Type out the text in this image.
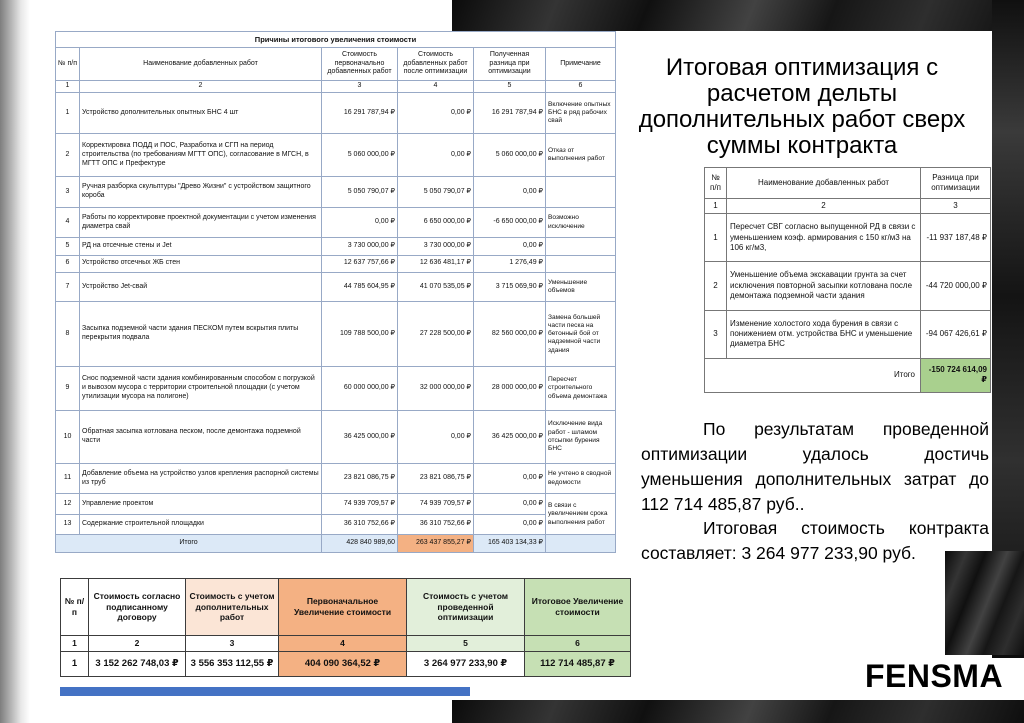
Итоговая оптимизация с
расчетом дельты
дополнительных работ сверх
суммы контракта
Причины итогового увеличения стоимости					
№ п/п	Наименование добавленных работ	Стоимость первоначально добавленных работ	Стоимость добавленных работ после оптимизации	Полученная разница при оптимизации	Примечание
1	2	3	4	5	6
1	Устройство дополнительных опытных БНС 4 шт	16 291 787,94 ₽	0,00 ₽	16 291 787,94 ₽	Включение опытных БНС в ряд рабочих свай
2	Корректировка ПОДД и ПОС, Разработка и СГП на период строительства (по требованиям МГТТ ОПС), согласование в МГСН, в МГТТ ОПС и Префектуре	5 060 000,00 ₽	0,00 ₽	5 060 000,00 ₽	Отказ от выполнения работ
3	Ручная разборка скульптуры "Древо Жизни" с устройством защитного короба	5 050 790,07 ₽	5 050 790,07 ₽	0,00 ₽	
4	Работы по корректировке проектной документации с учетом изменения диаметра свай	0,00 ₽	6 650 000,00 ₽	-6 650 000,00 ₽	Возможно исключение
5	РД на отсечные стены и Jet	3 730 000,00 ₽	3 730 000,00 ₽	0,00 ₽	
6	Устройство отсечных ЖБ стен	12 637 757,66 ₽	12 636 481,17 ₽	1 276,49 ₽	
7	Устройство Jet-свай	44 785 604,95 ₽	41 070 535,05 ₽	3 715 069,90 ₽	Уменьшение объемов
8	Засыпка подземной части здания ПЕСКОМ путем вскрытия плиты перекрытия подвала	109 788 500,00 ₽	27 228 500,00 ₽	82 560 000,00 ₽	Замена большей части песка на бетонный бой от надземной части здания
9	Снос подземной части здания комбинированным способом с погрузкой и вывозом мусора с территории строительной площадки (с учетом утилизации мусора на полигоне)	60 000 000,00 ₽	32 000 000,00 ₽	28 000 000,00 ₽	Пересчет строительного объема демонтажа
10	Обратная засыпка котлована песком, после демонтажа подземной части	36 425 000,00 ₽	0,00 ₽	36 425 000,00 ₽	Исключение вида работ - шламом отсыпки бурения БНС
11	Добавление объема на устройство узлов крепления распорной системы из труб	23 821 086,75 ₽	23 821 086,75 ₽	0,00 ₽	Не учтено в сводной ведомости
12	Управление проектом	74 939 709,57 ₽	74 939 709,57 ₽	0,00 ₽	В связи с увеличением срока выполнения работ
13	Содержание строительной площадки	36 310 752,66 ₽	36 310 752,66 ₽	0,00 ₽	
Итого		428 840 989,60	263 437 855,27 ₽	165 403 134,33 ₽	
№ п/п	Наименование добавленных работ	Разница при оптимизации
1	2	3
1	Пересчет СВГ согласно выпущенной РД в связи с уменьшением коэф. армирования с 150 кг/м3 на 106 кг/м3,	-11 937 187,48 ₽
2	Уменьшение объема экскавации грунта за счет исключения повторной засыпки котлована после демонтажа подземной части здания	-44 720 000,00 ₽
3	Изменение холостого хода бурения в связи с понижением отм. устройства БНС и уменьшение диаметра БНС	-94 067 426,61 ₽
Итого		-150 724 614,09 ₽

По результатам проведенной оптимизации удалось достичь уменьшения дополнительных затрат до 112 714 485,87 руб..

Итоговая стоимость контракта составляет: 3 264 977 233,90 руб.

№ п/п	Стоимость согласно подписанному договору	Стоимость с учетом дополнительных работ	Первоначальное Увеличение стоимости	Стоимость с учетом проведенной оптимизации	Итоговое Увеличение стоимости
1	2	3	4	5	6
1	3 152 262 748,03 ₽	3 556 353 112,55 ₽	404 090 364,52 ₽	3 264 977 233,90 ₽	112 714 485,87 ₽	FENSMA
